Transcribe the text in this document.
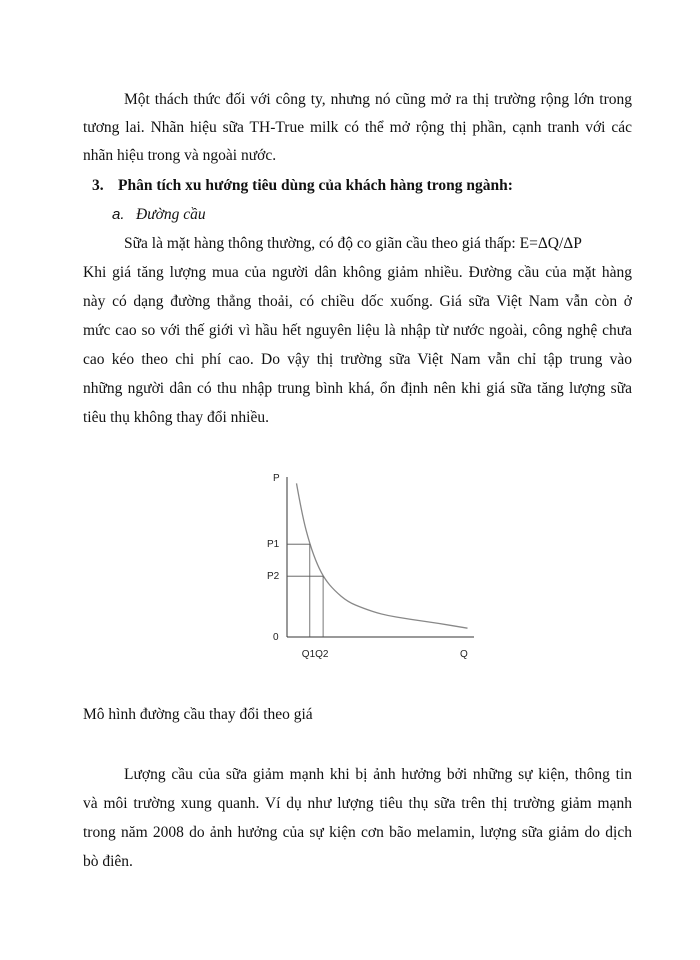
Một thách thức đối với công ty, nhưng nó cũng mở ra thị trường rộng lớn trong
tương lai. Nhãn hiệu sữa TH-True milk có thể mở rộng thị phần, cạnh tranh với các
nhãn hiệu trong và ngoài nước.
3. Phân tích xu hướng tiêu dùng của khách hàng trong ngành:
a. Đường cầu
Sữa là mặt hàng thông thường, có độ co giãn cầu theo giá thấp: E=ΔQ/ΔP
Khi giá tăng lượng mua của người dân không giảm nhiều. Đường cầu của mặt hàng
này có dạng đường thẳng thoải, có chiều dốc xuống. Giá sữa Việt Nam vẫn còn ở
mức cao so với thế giới vì hầu hết nguyên liệu là nhập từ nước ngoài, công nghệ chưa
cao kéo theo chi phí cao. Do vậy thị trường sữa Việt Nam vẫn chỉ tập trung vào
những người dân có thu nhập trung bình khá, ổn định nên khi giá sữa tăng lượng sữa
tiêu thụ không thay đổi nhiều.
P
Q
0
P1
Q1
P2
Q2
Mô hình đường cầu thay đổi theo giá
Lượng cầu của sữa giảm mạnh khi bị ảnh hưởng bởi những sự kiện, thông tin
và môi trường xung quanh. Ví dụ như lượng tiêu thụ sữa trên thị trường giảm mạnh
trong năm 2008 do ảnh hưởng của sự kiện cơn bão melamin, lượng sữa giảm do dịch
bò điên.
